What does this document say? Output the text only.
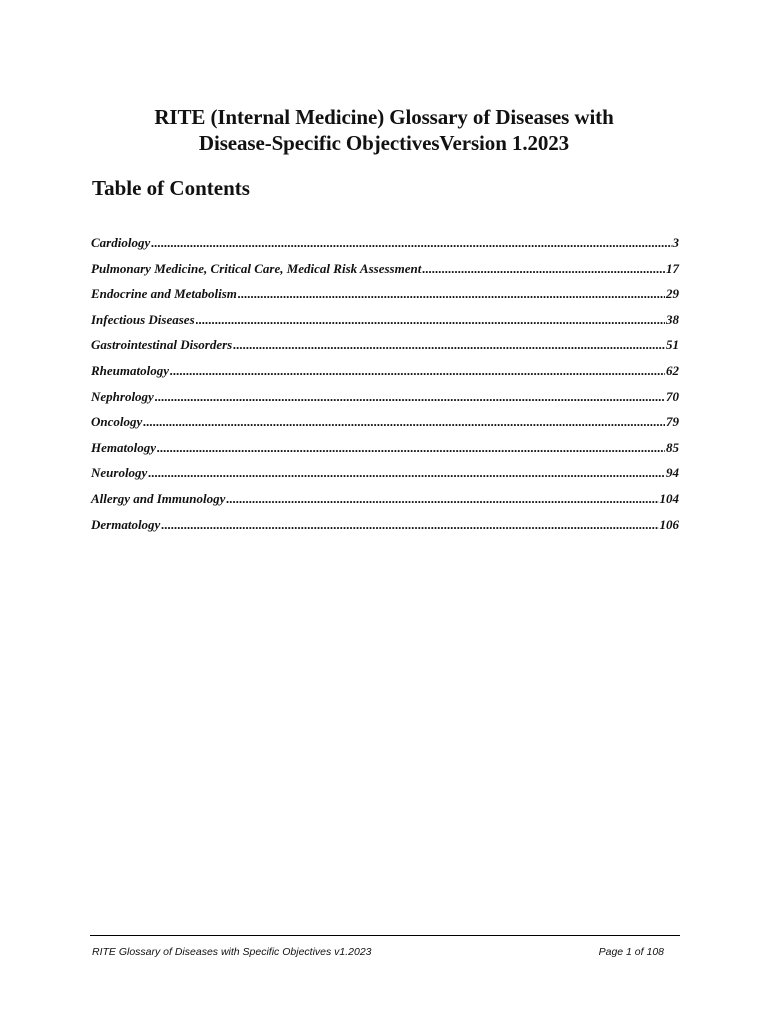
RITE (Internal Medicine) Glossary of Diseases with
Disease-Specific ObjectivesVersion 1.2023
Table of Contents
Cardiology .....	3
Pulmonary Medicine, Critical Care, Medical Risk Assessment .....	17
Endocrine and Metabolism .....	29
Infectious Diseases .....	38
Gastrointestinal Disorders .....	51
Rheumatology .....	62
Nephrology .....	70
Oncology .....	79
Hematology .....	85
Neurology .....	94
Allergy and Immunology .....	104
Dermatology .....	106
RITE Glossary of Diseases with Specific Objectives v1.2023	Page 1 of 108
